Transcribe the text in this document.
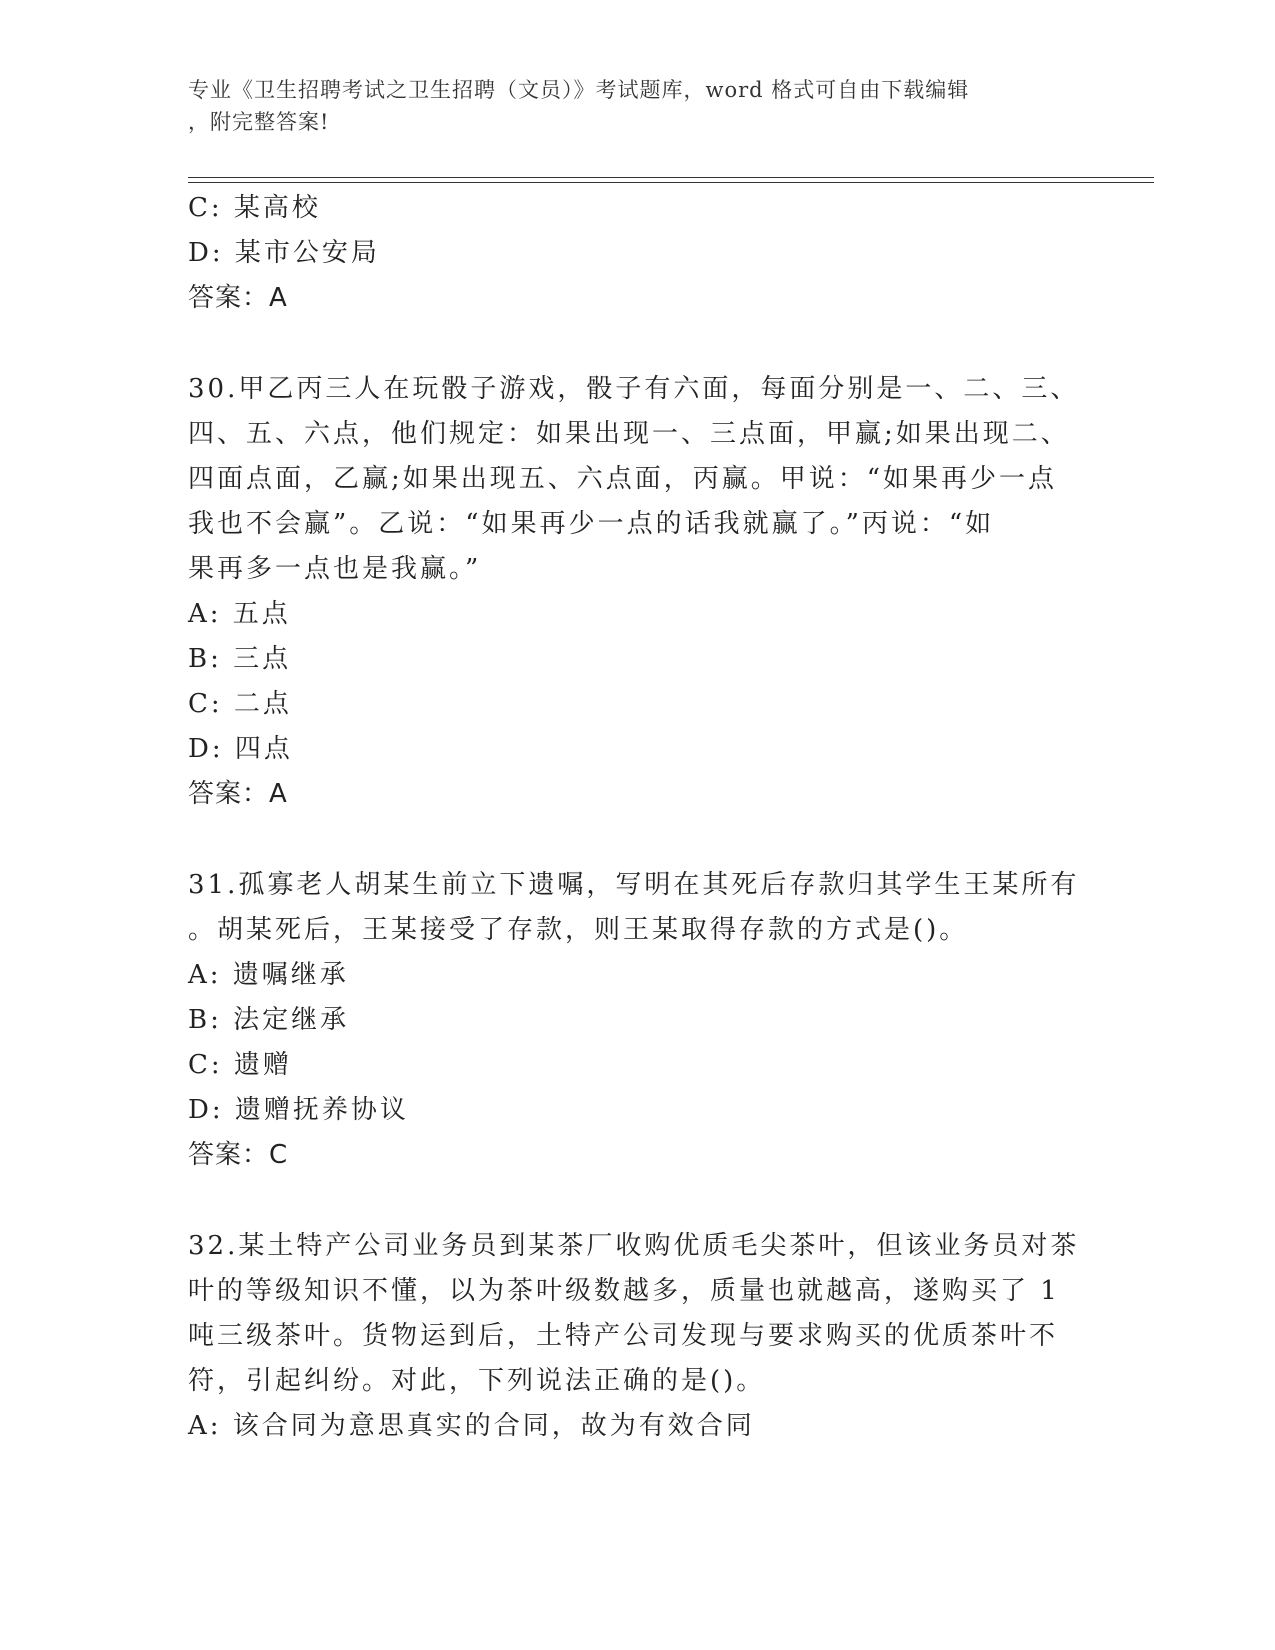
专业《卫生招聘考试之卫生招聘（文员）》考试题库，word 格式可自由下载编辑
，附完整答案!
C: 某高校
D: 某市公安局
答案：A
30.甲乙丙三人在玩骰子游戏，骰子有六面，每面分别是一、二、三、
四、五、六点，他们规定：如果出现一、三点面，甲赢;如果出现二、
四面点面，乙赢;如果出现五、六点面，丙赢。甲说：“如果再少一点
我也不会赢”。乙说：“如果再少一点的话我就赢了。”丙说：“如
果再多一点也是我赢。”
A: 五点
B: 三点
C: 二点
D: 四点
答案：A
31.孤寡老人胡某生前立下遗嘱，写明在其死后存款归其学生王某所有
。胡某死后，王某接受了存款，则王某取得存款的方式是()。
A: 遗嘱继承
B: 法定继承
C: 遗赠
D: 遗赠抚养协议
答案：C
32.某土特产公司业务员到某茶厂收购优质毛尖茶叶，但该业务员对茶
叶的等级知识不懂，以为茶叶级数越多，质量也就越高，遂购买了 1
吨三级茶叶。货物运到后，土特产公司发现与要求购买的优质茶叶不
符，引起纠纷。对此，下列说法正确的是()。
A: 该合同为意思真实的合同，故为有效合同
